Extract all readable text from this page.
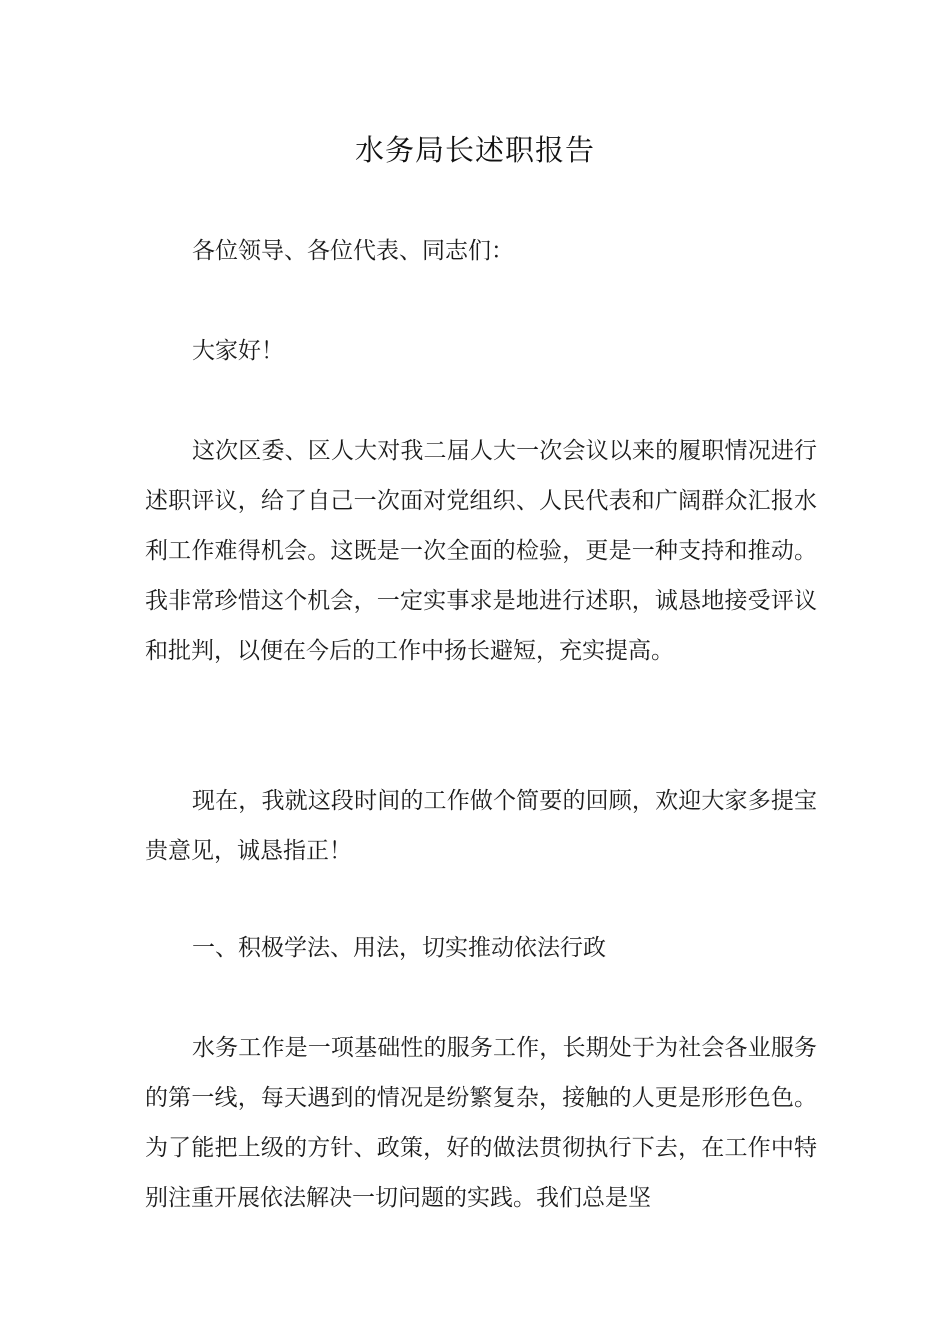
水务局长述职报告

各位领导、各位代表、同志们：

大家好！

这次区委、区人大对我二届人大一次会议以来的履职情况进行述职评议，给了自己一次面对党组织、人民代表和广阔群众汇报水利工作难得机会。这既是一次全面的检验，更是一种支持和推动。我非常珍惜这个机会，一定实事求是地进行述职，诚恳地接受评议和批判，以便在今后的工作中扬长避短，充实提高。

现在，我就这段时间的工作做个简要的回顾，欢迎大家多提宝贵意见，诚恳指正！

一、积极学法、用法，切实推动依法行政

水务工作是一项基础性的服务工作，长期处于为社会各业服务的第一线，每天遇到的情况是纷繁复杂，接触的人更是形形色色。为了能把上级的方针、政策，好的做法贯彻执行下去，在工作中特别注重开展依法解决一切问题的实践。我们总是坚
